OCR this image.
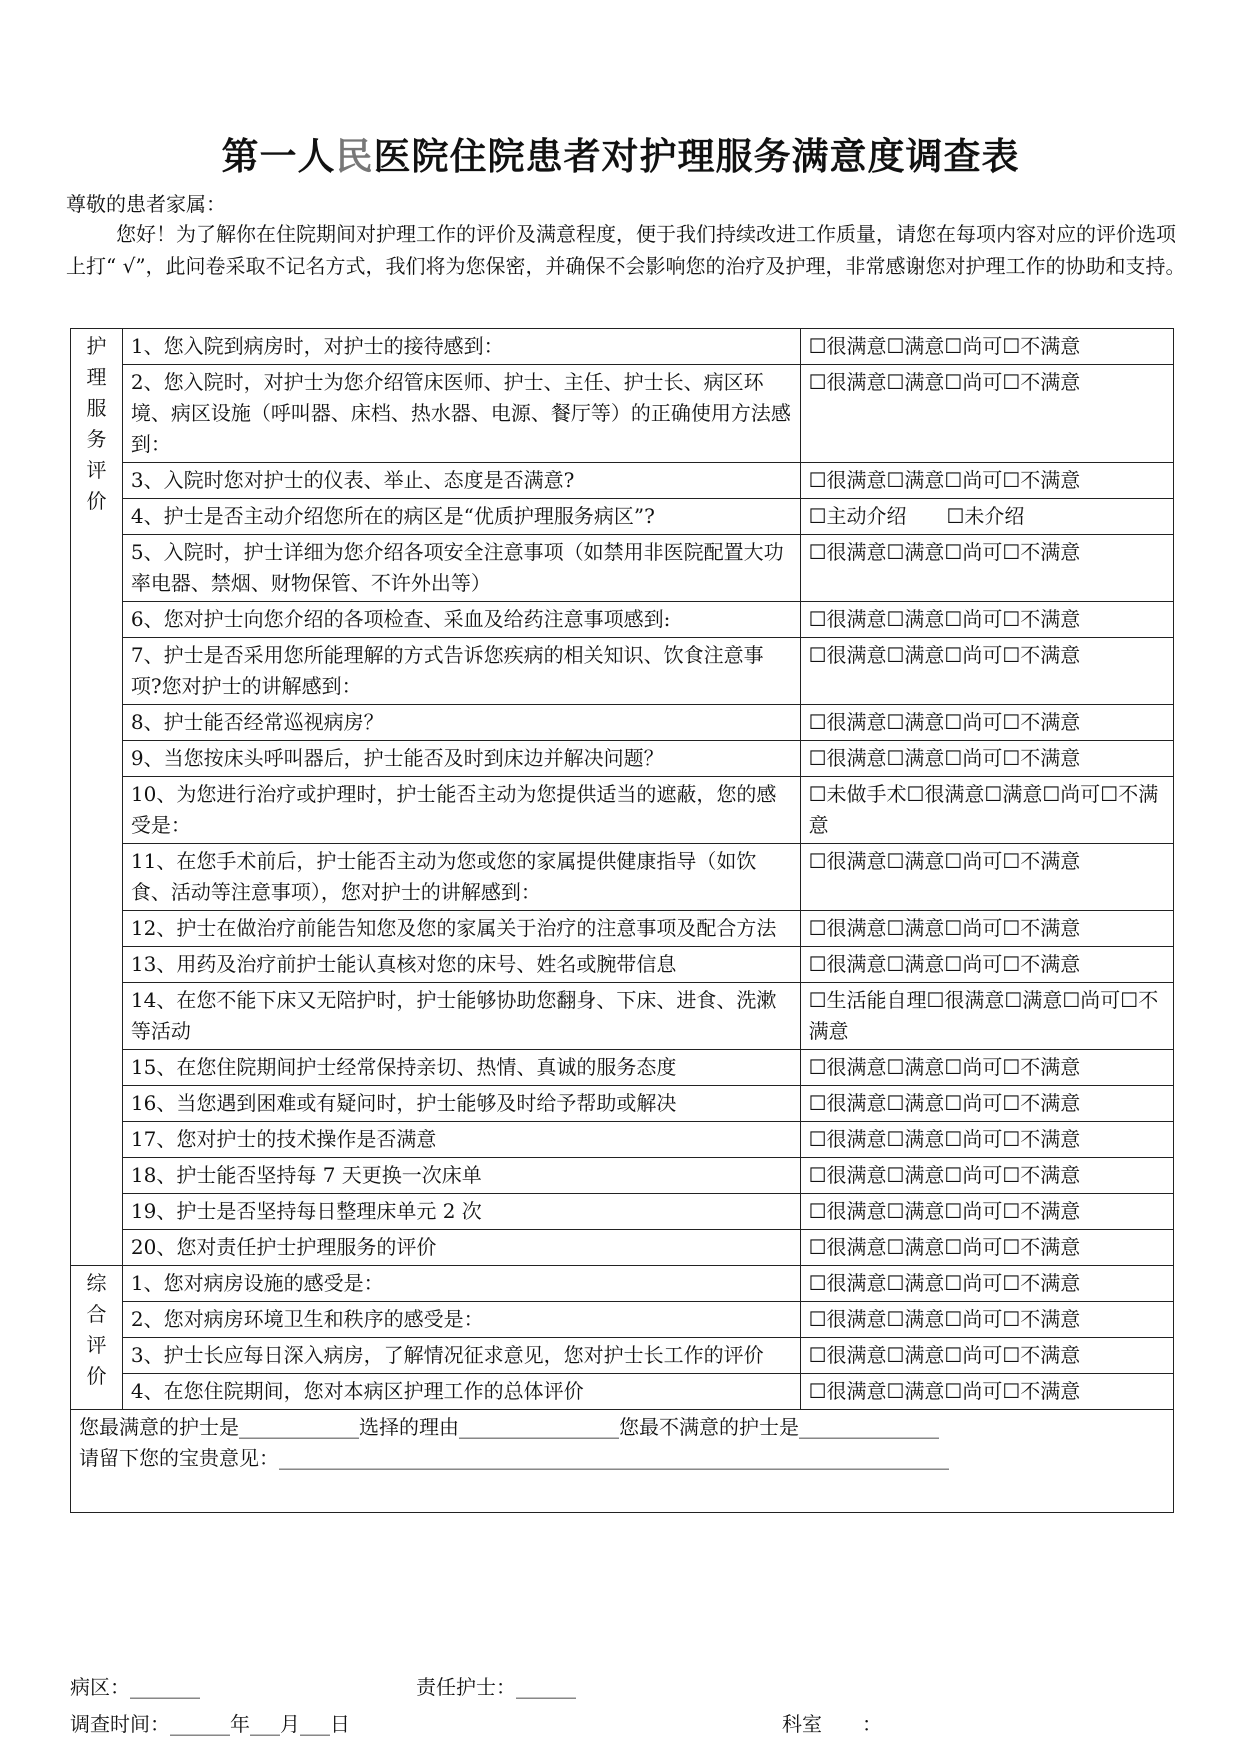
第一人民医院住院患者对护理服务满意度调查表
尊敬的患者家属：
您好！为了解你在住院期间对护理工作的评价及满意程度，便于我们持续改进工作质量，请您在每项内容对应的评价选项上打“ √”，此问卷采取不记名方式，我们将为您保密，并确保不会影响您的治疗及护理，非常感谢您对护理工作的协助和支持。
护理服务评价	1、您入院到病房时，对护士的接待感到：	☐很满意☐满意☐尚可☐不满意
	2、您入院时，对护士为您介绍管床医师、护士、主任、护士长、病区环境、病区设施（呼叫器、床档、热水器、电源、餐厅等）的正确使用方法感到：	☐很满意☐满意☐尚可☐不满意
	3、入院时您对护士的仪表、举止、态度是否满意?	☐很满意☐满意☐尚可☐不满意
	4、护士是否主动介绍您所在的病区是“优质护理服务病区”?	☐主动介绍　　☐未介绍
	5、入院时，护士详细为您介绍各项安全注意事项（如禁用非医院配置大功率电器、禁烟、财物保管、不许外出等）	☐很满意☐满意☐尚可☐不满意
	6、您对护士向您介绍的各项检查、采血及给药注意事项感到:	☐很满意☐满意☐尚可☐不满意
	7、护士是否采用您所能理解的方式告诉您疾病的相关知识、饮食注意事项?您对护士的讲解感到：	☐很满意☐满意☐尚可☐不满意
	8、护士能否经常巡视病房？	☐很满意☐满意☐尚可☐不满意
	9、当您按床头呼叫器后，护士能否及时到床边并解决问题？	☐很满意☐满意☐尚可☐不满意
	10、为您进行治疗或护理时，护士能否主动为您提供适当的遮蔽，您的感受是：	☐未做手术☐很满意☐满意☐尚可☐不满意
	11、在您手术前后，护士能否主动为您或您的家属提供健康指导（如饮食、活动等注意事项），您对护士的讲解感到：	☐很满意☐满意☐尚可☐不满意
	12、护士在做治疗前能告知您及您的家属关于治疗的注意事项及配合方法	☐很满意☐满意☐尚可☐不满意
	13、用药及治疗前护士能认真核对您的床号、姓名或腕带信息	☐很满意☐满意☐尚可☐不满意
	14、在您不能下床又无陪护时，护士能够协助您翻身、下床、进食、洗漱等活动	☐生活能自理☐很满意☐满意☐尚可☐不满意
	15、在您住院期间护士经常保持亲切、热情、真诚的服务态度	☐很满意☐满意☐尚可☐不满意
	16、当您遇到困难或有疑问时，护士能够及时给予帮助或解决	☐很满意☐满意☐尚可☐不满意
	17、您对护士的技术操作是否满意	☐很满意☐满意☐尚可☐不满意
	18、护士能否坚持每 7 天更换一次床单	☐很满意☐满意☐尚可☐不满意
	19、护士是否坚持每日整理床单元 2 次	☐很满意☐满意☐尚可☐不满意
	20、您对责任护士护理服务的评价	☐很满意☐满意☐尚可☐不满意
综合评价	1、您对病房设施的感受是：	☐很满意☐满意☐尚可☐不满意
	2、您对病房环境卫生和秩序的感受是：	☐很满意☐满意☐尚可☐不满意
	3、护士长应每日深入病房，了解情况征求意见，您对护士长工作的评价	☐很满意☐满意☐尚可☐不满意
	4、在您住院期间，您对本病区护理工作的总体评价	☐很满意☐满意☐尚可☐不满意

您最满意的护士是____________选择的理由________________您最不满意的护士是______________
请留下您的宝贵意见：___________________________________________________________________		
病区：_______	责任护士：______
调查时间：______年___月___日	科室　　：
